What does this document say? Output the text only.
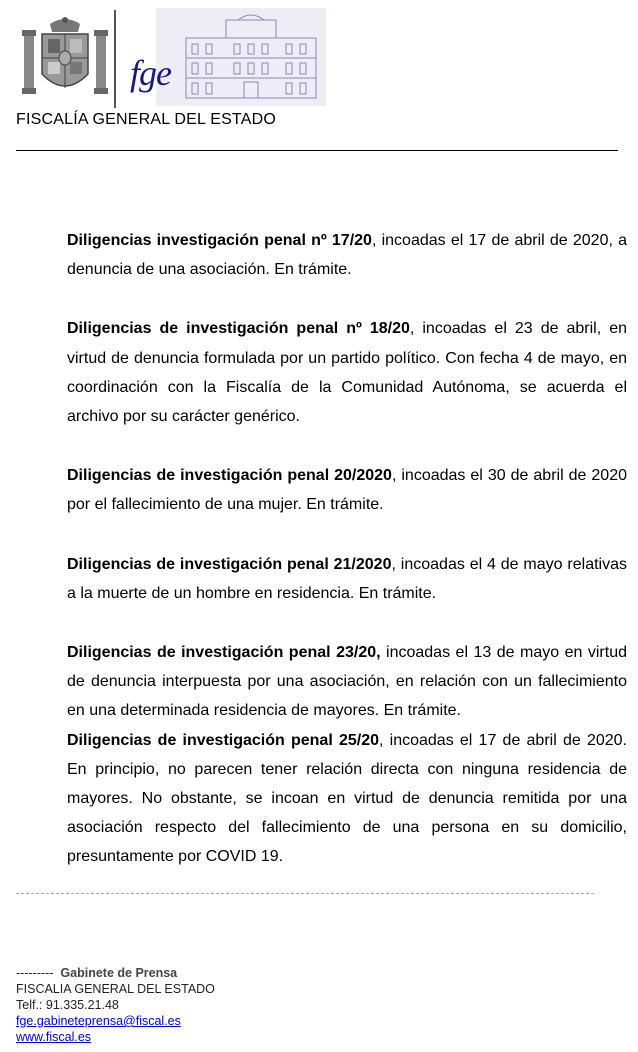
fge
FISCALÍA GENERAL DEL ESTADO

Diligencias investigación penal nº 17/20, incoadas el 17 de abril de 2020, a denuncia de una asociación. En trámite.

Diligencias de investigación penal nº 18/20, incoadas el 23 de abril, en virtud de denuncia formulada por un partido político. Con fecha 4 de mayo, en coordinación con la Fiscalía de la Comunidad Autónoma, se acuerda el archivo por su carácter genérico.

Diligencias de investigación penal 20/2020, incoadas el 30 de abril de 2020 por el fallecimiento de una mujer. En trámite.

Diligencias de investigación penal 21/2020, incoadas el 4 de mayo relativas a la muerte de un hombre en residencia. En trámite.

Diligencias de investigación penal 23/20, incoadas el 13 de mayo en virtud de denuncia interpuesta por una asociación, en relación con un fallecimiento en una determinada residencia de mayores. En trámite.

Diligencias de investigación penal 25/20, incoadas el 17 de abril de 2020. En principio, no parecen tener relación directa con ninguna residencia de mayores. No obstante, se incoan en virtud de denuncia remitida por una asociación respecto del fallecimiento de una persona en su domicilio, presuntamente por COVID 19.

--------- Gabinete de Prensa
FISCALIA GENERAL DEL ESTADO
Telf.: 91.335.21.48
fge.gabineteprensa@fiscal.es
www.fiscal.es
